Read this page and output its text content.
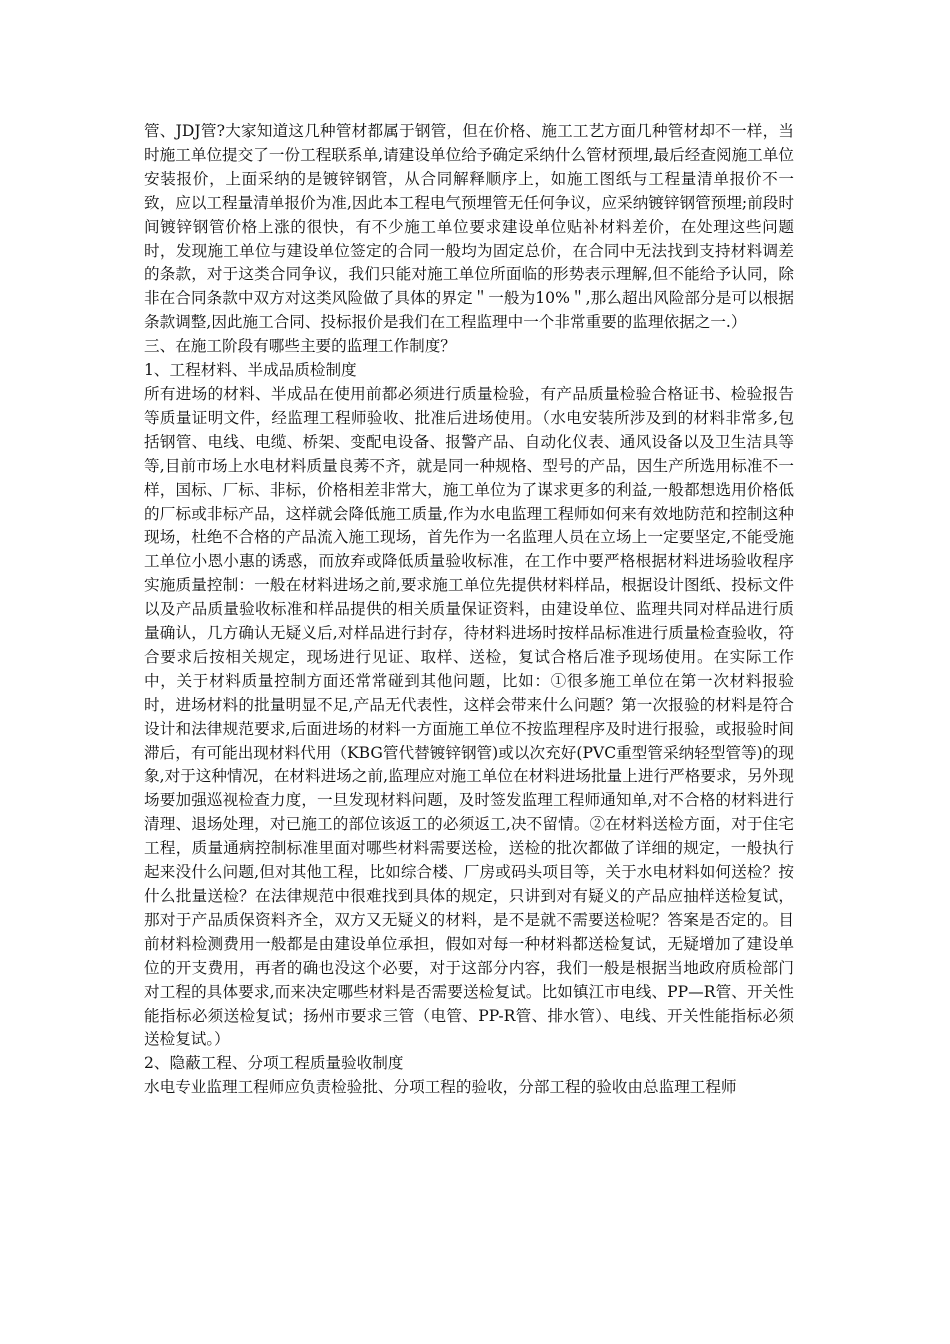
管、JDJ管?大家知道这几种管材都属于钢管，但在价格、施工工艺方面几种管材却不一样，当时施工单位提交了一份工程联系单,请建设单位给予确定采纳什么管材预埋,最后经查阅施工单位安装报价，上面采纳的是镀锌钢管，从合同解释顺序上，如施工图纸与工程量清单报价不一致，应以工程量清单报价为准,因此本工程电气预埋管无任何争议，应采纳镀锌钢管预埋;前段时间镀锌钢管价格上涨的很快，有不少施工单位要求建设单位贴补材料差价，在处理这些问题时，发现施工单位与建设单位签定的合同一般均为固定总价，在合同中无法找到支持材料调差的条款，对于这类合同争议，我们只能对施工单位所面临的形势表示理解,但不能给予认同，除非在合同条款中双方对这类风险做了具体的界定＂一般为10%＂,那么超出风险部分是可以根据条款调整,因此施工合同、投标报价是我们在工程监理中一个非常重要的监理依据之一.）

三、在施工阶段有哪些主要的监理工作制度？

1、工程材料、半成品质检制度

所有进场的材料、半成品在使用前都必须进行质量检验，有产品质量检验合格证书、检验报告等质量证明文件，经监理工程师验收、批准后进场使用。（水电安装所涉及到的材料非常多,包括钢管、电线、电缆、桥架、变配电设备、报警产品、自动化仪表、通风设备以及卫生洁具等等,目前市场上水电材料质量良莠不齐，就是同一种规格、型号的产品，因生产所选用标准不一样，国标、厂标、非标，价格相差非常大，施工单位为了谋求更多的利益,一般都想选用价格低的厂标或非标产品，这样就会降低施工质量,作为水电监理工程师如何来有效地防范和控制这种现场，杜绝不合格的产品流入施工现场，首先作为一名监理人员在立场上一定要坚定,不能受施工单位小恩小惠的诱惑，而放弃或降低质量验收标准，在工作中要严格根据材料进场验收程序实施质量控制：一般在材料进场之前,要求施工单位先提供材料样品，根据设计图纸、投标文件以及产品质量验收标准和样品提供的相关质量保证资料，由建设单位、监理共同对样品进行质量确认，几方确认无疑义后,对样品进行封存，待材料进场时按样品标准进行质量检查验收，符合要求后按相关规定，现场进行见证、取样、送检，复试合格后准予现场使用。在实际工作中，关于材料质量控制方面还常常碰到其他问题，比如：①很多施工单位在第一次材料报验时，进场材料的批量明显不足,产品无代表性，这样会带来什么问题？第一次报验的材料是符合设计和法律规范要求,后面进场的材料一方面施工单位不按监理程序及时进行报验，或报验时间滞后，有可能出现材料代用（KBG管代替镀锌钢管)或以次充好(PVC重型管采纳轻型管等)的现象,对于这种情况，在材料进场之前,监理应对施工单位在材料进场批量上进行严格要求，另外现场要加强巡视检查力度，一旦发现材料问题，及时签发监理工程师通知单,对不合格的材料进行清理、退场处理，对已施工的部位该返工的必须返工,决不留情。②在材料送检方面，对于住宅工程，质量通病控制标准里面对哪些材料需要送检，送检的批次都做了详细的规定，一般执行起来没什么问题,但对其他工程，比如综合楼、厂房或码头项目等，关于水电材料如何送检？按什么批量送检？在法律规范中很难找到具体的规定，只讲到对有疑义的产品应抽样送检复试，那对于产品质保资料齐全，双方又无疑义的材料，是不是就不需要送检呢？答案是否定的。目前材料检测费用一般都是由建设单位承担，假如对每一种材料都送检复试，无疑增加了建设单位的开支费用，再者的确也没这个必要，对于这部分内容，我们一般是根据当地政府质检部门对工程的具体要求,而来决定哪些材料是否需要送检复试。比如镇江市电线、PP—R管、开关性能指标必须送检复试；扬州市要求三管（电管、PP-R管、排水管）、电线、开关性能指标必须送检复试。）

2、隐蔽工程、分项工程质量验收制度

水电专业监理工程师应负责检验批、分项工程的验收，分部工程的验收由总监理工程师
